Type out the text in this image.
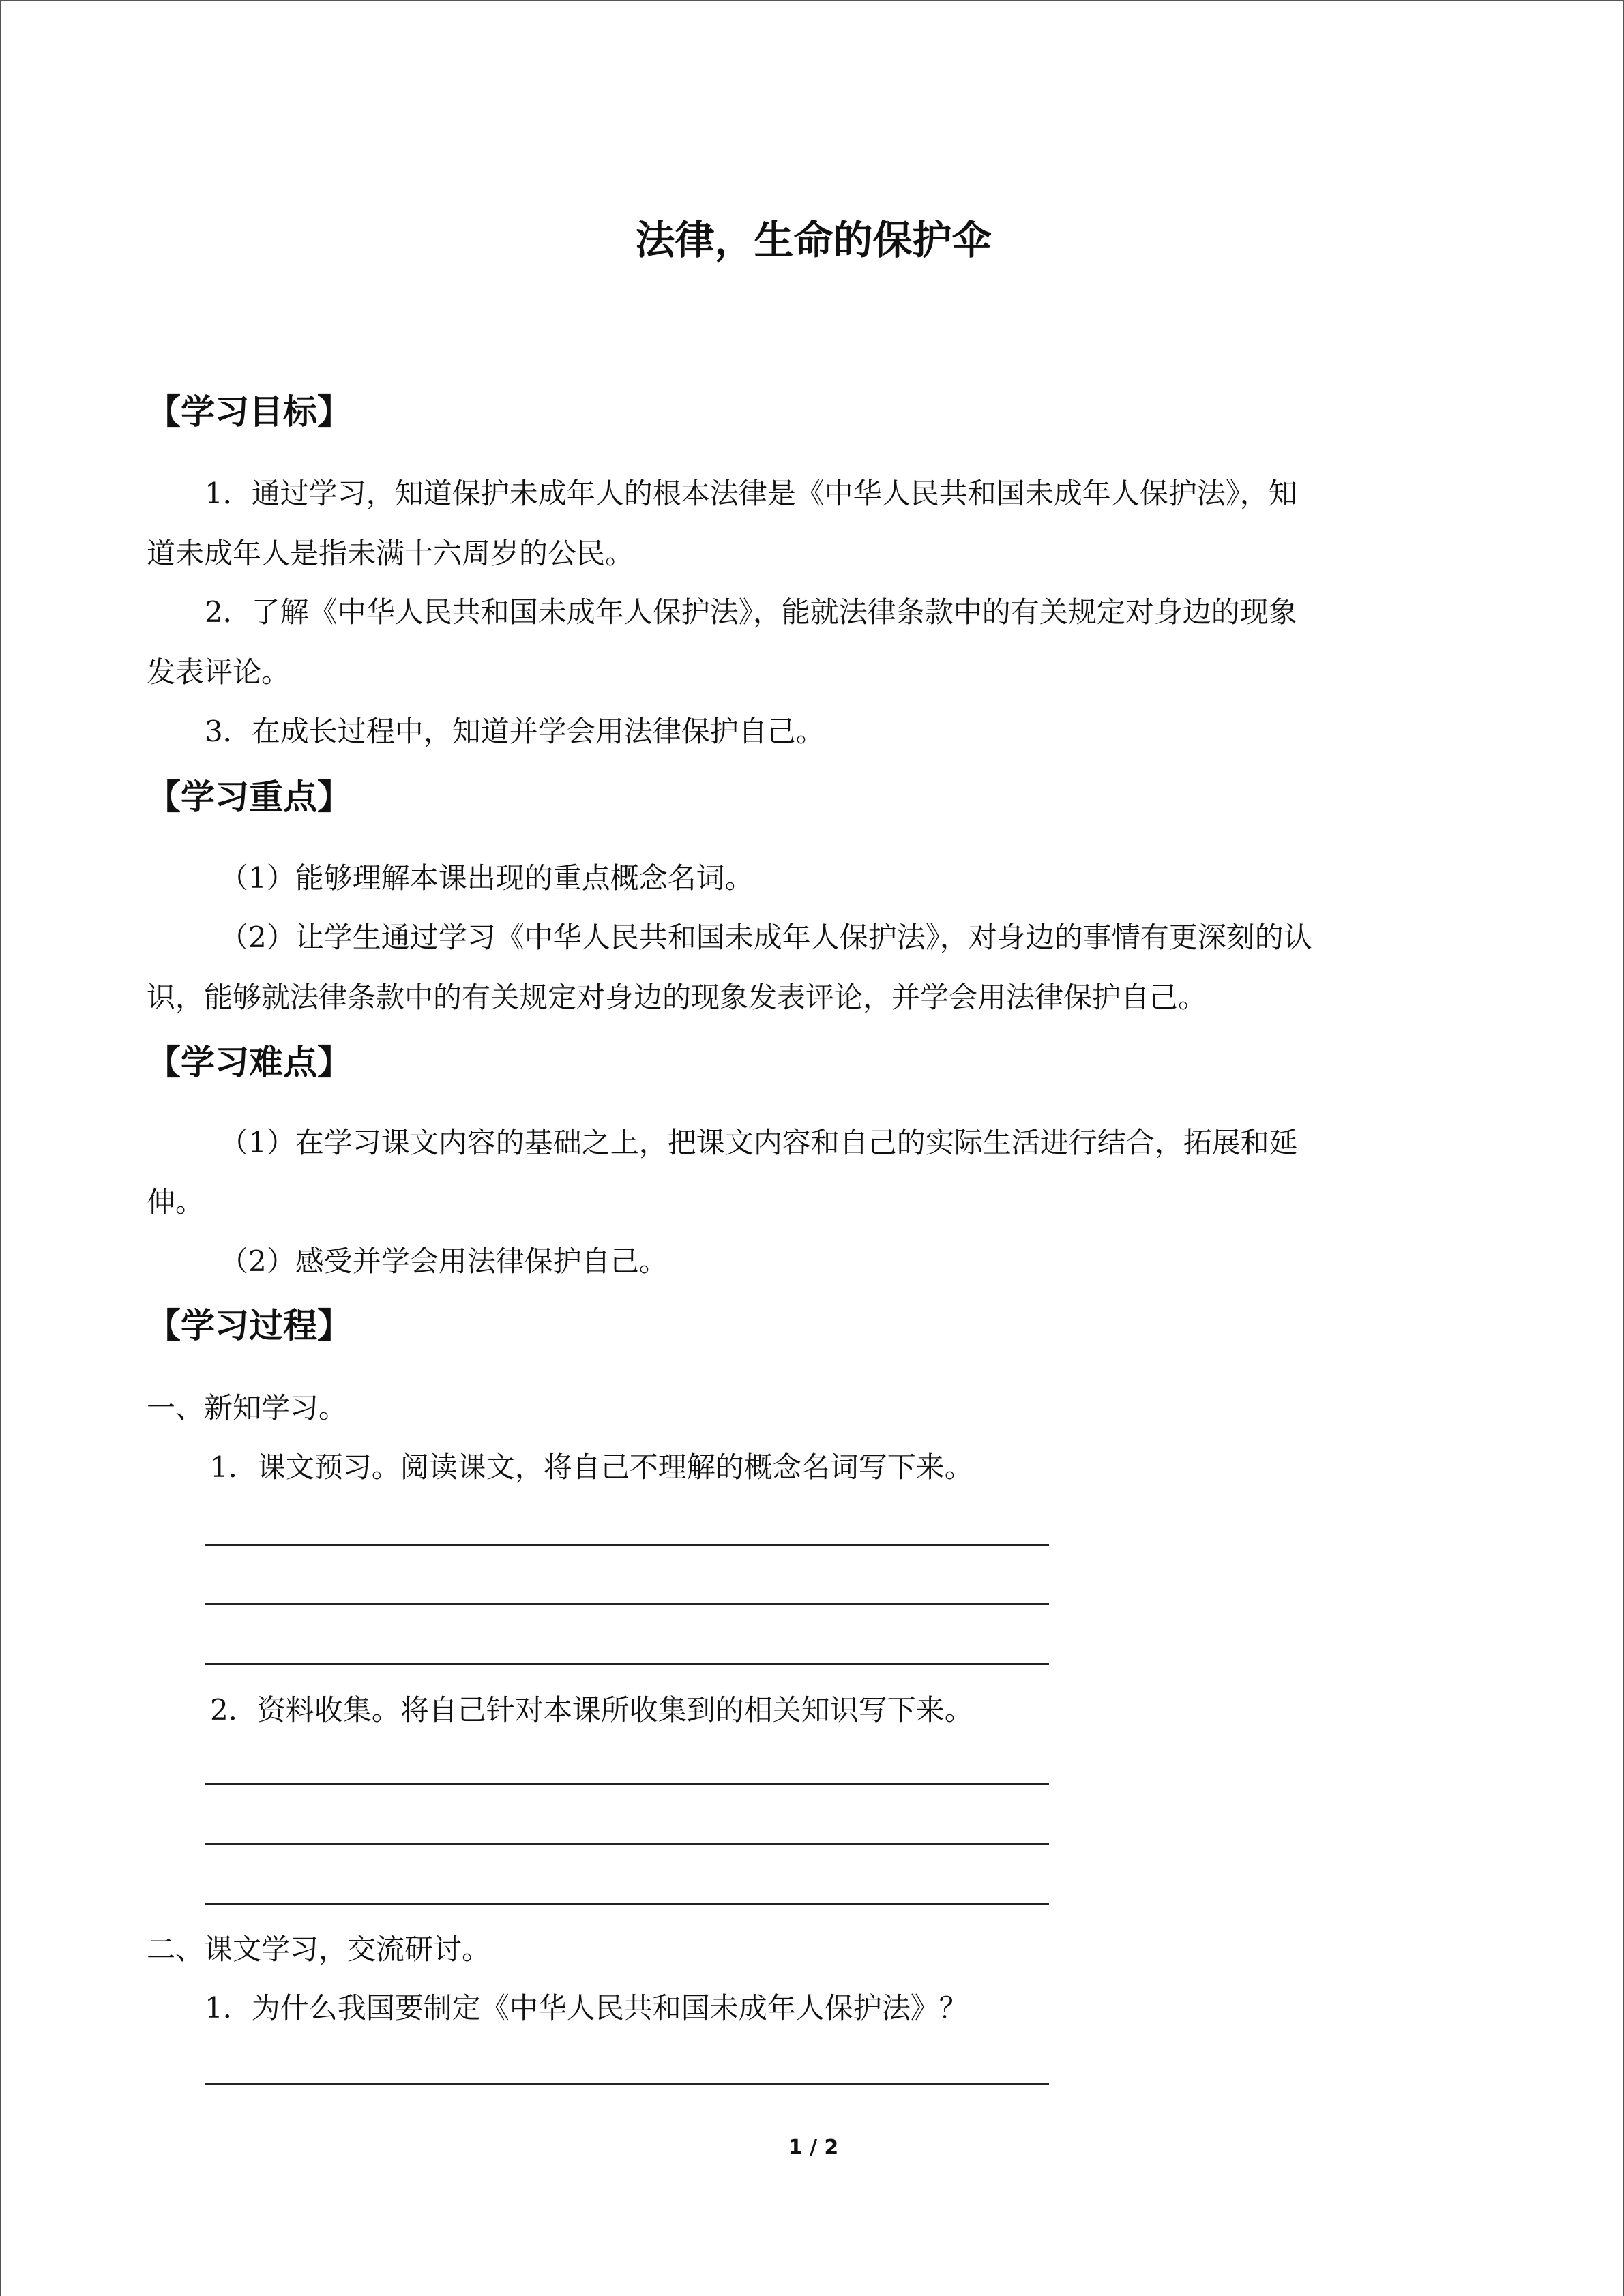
法律，生命的保护伞
【学习目标】
1．通过学习，知道保护未成年人的根本法律是《中华人民共和国未成年人保护法》，知
道未成年人是指未满十六周岁的公民。
2．了解《中华人民共和国未成年人保护法》，能就法律条款中的有关规定对身边的现象
发表评论。
3．在成长过程中，知道并学会用法律保护自己。
【学习重点】
（1）能够理解本课出现的重点概念名词。
（2）让学生通过学习《中华人民共和国未成年人保护法》，对身边的事情有更深刻的认
识，能够就法律条款中的有关规定对身边的现象发表评论，并学会用法律保护自己。
【学习难点】
（1）在学习课文内容的基础之上，把课文内容和自己的实际生活进行结合，拓展和延
伸。
（2）感受并学会用法律保护自己。
【学习过程】
一、新知学习。
1．课文预习。阅读课文，将自己不理解的概念名词写下来。
2．资料收集。将自己针对本课所收集到的相关知识写下来。
二、课文学习，交流研讨。
1．为什么我国要制定《中华人民共和国未成年人保护法》？
1 / 2
